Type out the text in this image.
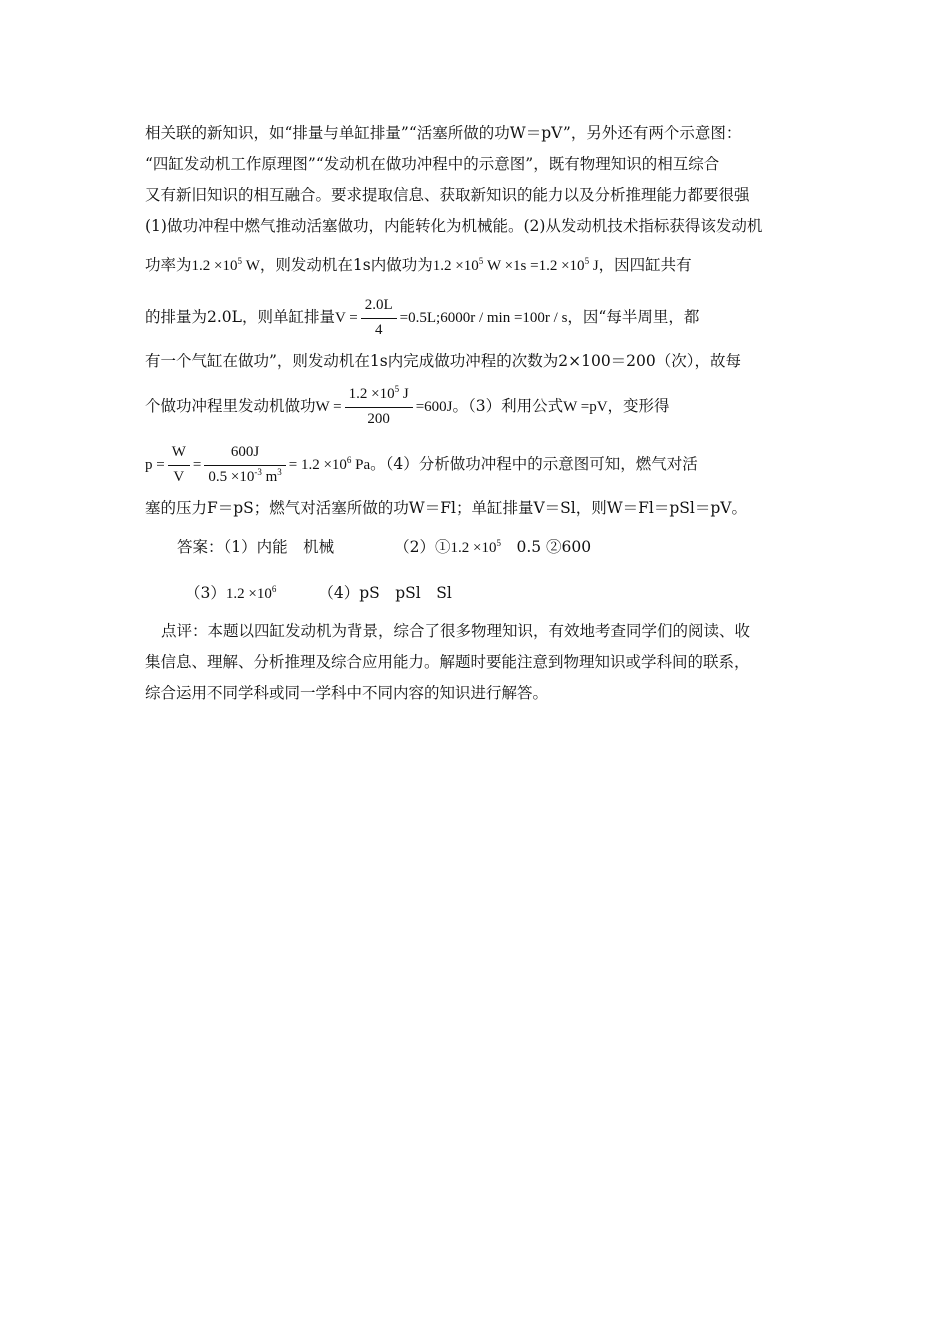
相关联的新知识，如“排量与单缸排量”“活塞所做的功W＝pV”，另外还有两个示意图：
“四缸发动机工作原理图”“发动机在做功冲程中的示意图”，既有物理知识的相互综合
又有新旧知识的相互融合。要求提取信息、获取新知识的能力以及分析推理能力都要很强
(1)做功冲程中燃气推动活塞做功，内能转化为机械能。(2)从发动机技术指标获得该发动机
功率为$1.2 \times 10^5$ W，则发动机在1s内做功为$1.2 \times 10^5$ $W \times 1s =1.2 \times 10^5$ J，因四缸共有
的排量为2.0L，则单缸排量$V = \frac{2.0L}{4}$ =0.5L;6000r / min =100r / s，因“每半周里，都
有一个气缸在做功”，则发动机在1s内完成做功冲程的次数为2×100＝200（次），故每
个做功冲程里发动机做功$W = \frac{1.2 \times 10^5 J}{200} =600J$。（3）利用公式W =pV，变形得
$p = \frac{W}{V} = \frac{600J}{0.5 \times 10^{-3} m^3} = 1.2 \times 10^6$ Pa。（4）分析做功冲程中的示意图可知，燃气对活
塞的压力F＝pS；燃气对活塞所做的功W＝Fl；单缸排量V＝Sl，则W＝Fl＝pSl＝pV。
答案：（1）内能　机械	（2）①1.2 $\times 10^5$　0.5 ②600
$(3)1.2 \times 10^6$	（4）pS　pSl　Sl
点评：本题以四缸发动机为背景，综合了很多物理知识，有效地考查同学们的阅读、收
集信息、理解、分析推理及综合应用能力。解题时要能注意到物理知识或学科间的联系，
综合运用不同学科或同一学科中不同内容的知识进行解答。
